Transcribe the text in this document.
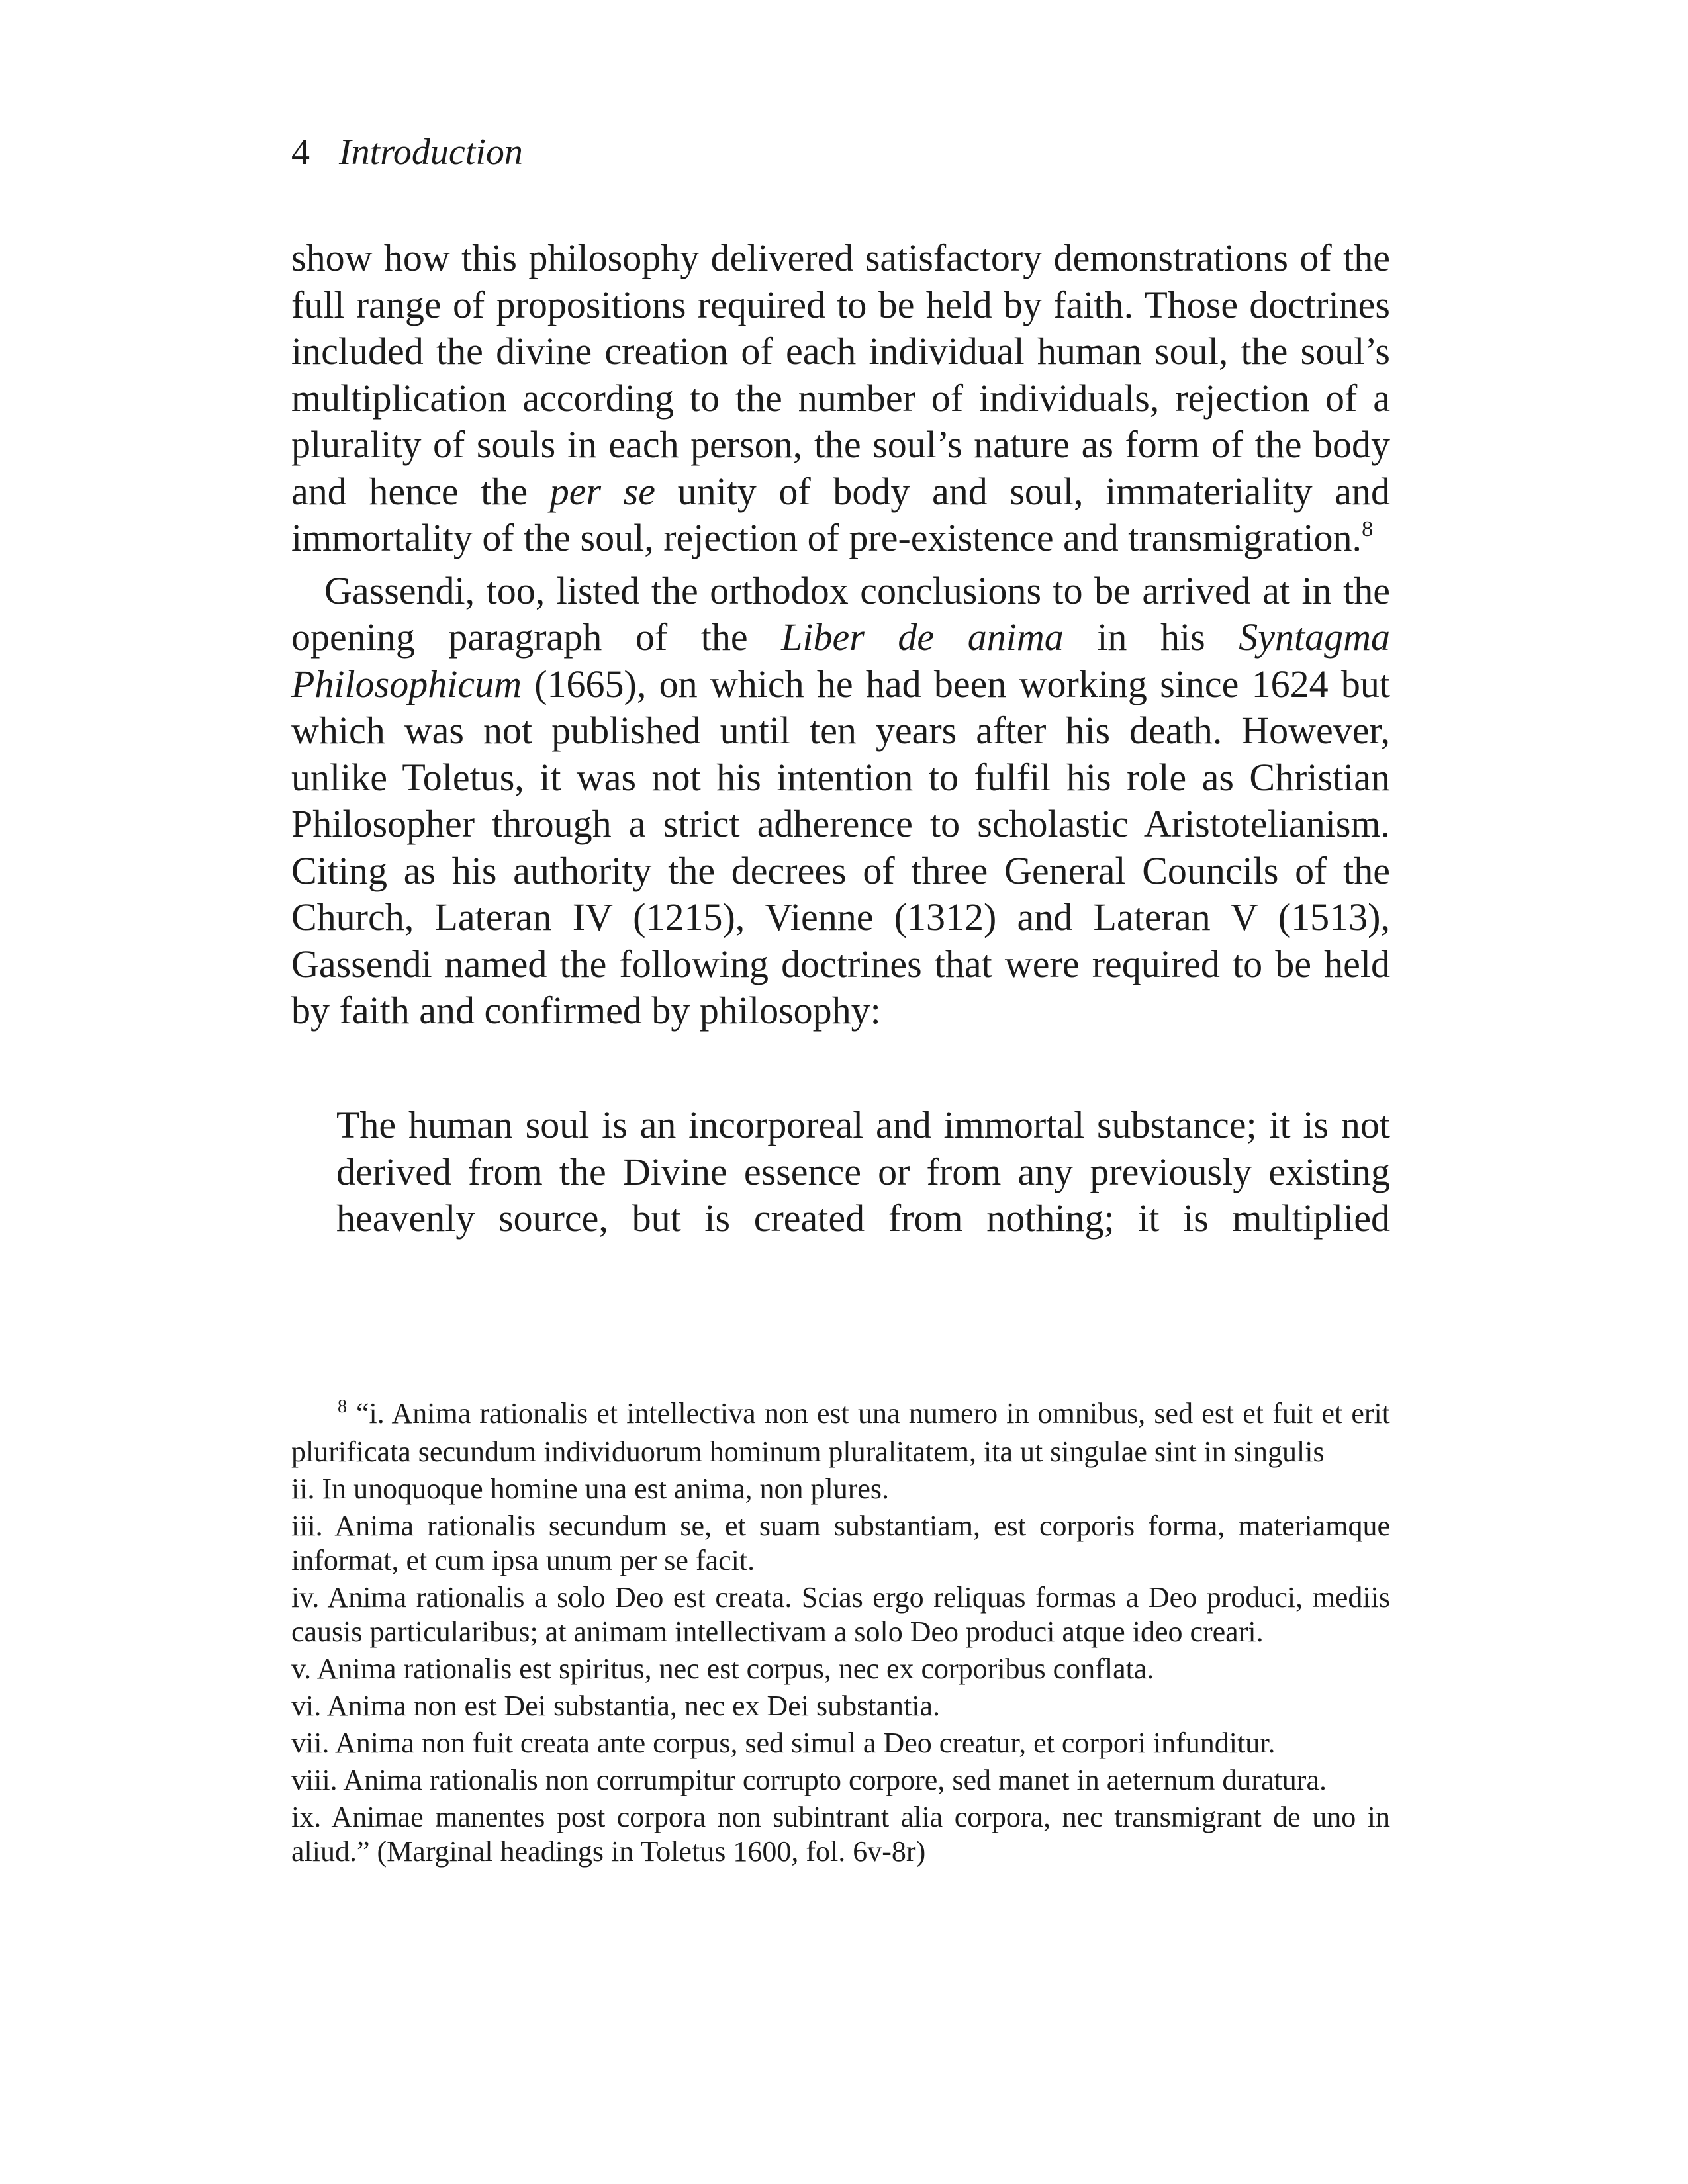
4 Introduction

show how this philosophy delivered satisfactory demonstrations of the full range of propositions required to be held by faith. Those doctrines included the divine creation of each individual human soul, the soul’s multiplication according to the number of individuals, rejection of a plurality of souls in each person, the soul’s nature as form of the body and hence the per se unity of body and soul, immateriality and immortality of the soul, rejection of pre-existence and transmigration.$^8$

Gassendi, too, listed the orthodox conclusions to be arrived at in the opening paragraph of the Liber de anima in his Syntagma Philosophicum (1665), on which he had been working since 1624 but which was not published until ten years after his death. However, unlike Toletus, it was not his intention to fulfil his role as Christian Philosopher through a strict adherence to scholastic Aristotelianism. Citing as his authority the decrees of three General Councils of the Church, Lateran IV (1215), Vienne (1312) and Lateran V (1513), Gassendi named the following doctrines that were required to be held by faith and confirmed by philosophy:

The human soul is an incorporeal and immortal substance; it is not derived from the Divine essence or from any previously existing heavenly source, but is created from nothing; it is multiplied

$^8$ “i. Anima rationalis et intellectiva non est una numero in omnibus, sed est et fuit et erit plurificata secundum individuorum hominum pluralitatem, ita ut singulae sint in singulis

ii. In unoquoque homine una est anima, non plures.

iii. Anima rationalis secundum se, et suam substantiam, est corporis forma, materiamque informat, et cum ipsa unum per se facit.

iv. Anima rationalis a solo Deo est creata. Scias ergo reliquas formas a Deo produci, mediis causis particularibus; at animam intellectivam a solo Deo produci atque ideo creari.

v. Anima rationalis est spiritus, nec est corpus, nec ex corporibus conflata.

vi. Anima non est Dei substantia, nec ex Dei substantia.

vii. Anima non fuit creata ante corpus, sed simul a Deo creatur, et corpori infunditur.

viii. Anima rationalis non corrumpitur corrupto corpore, sed manet in aeternum duratura.

ix. Animae manentes post corpora non subintrant alia corpora, nec transmigrant de uno in aliud.” (Marginal headings in Toletus 1600, fol. 6v-8r)
